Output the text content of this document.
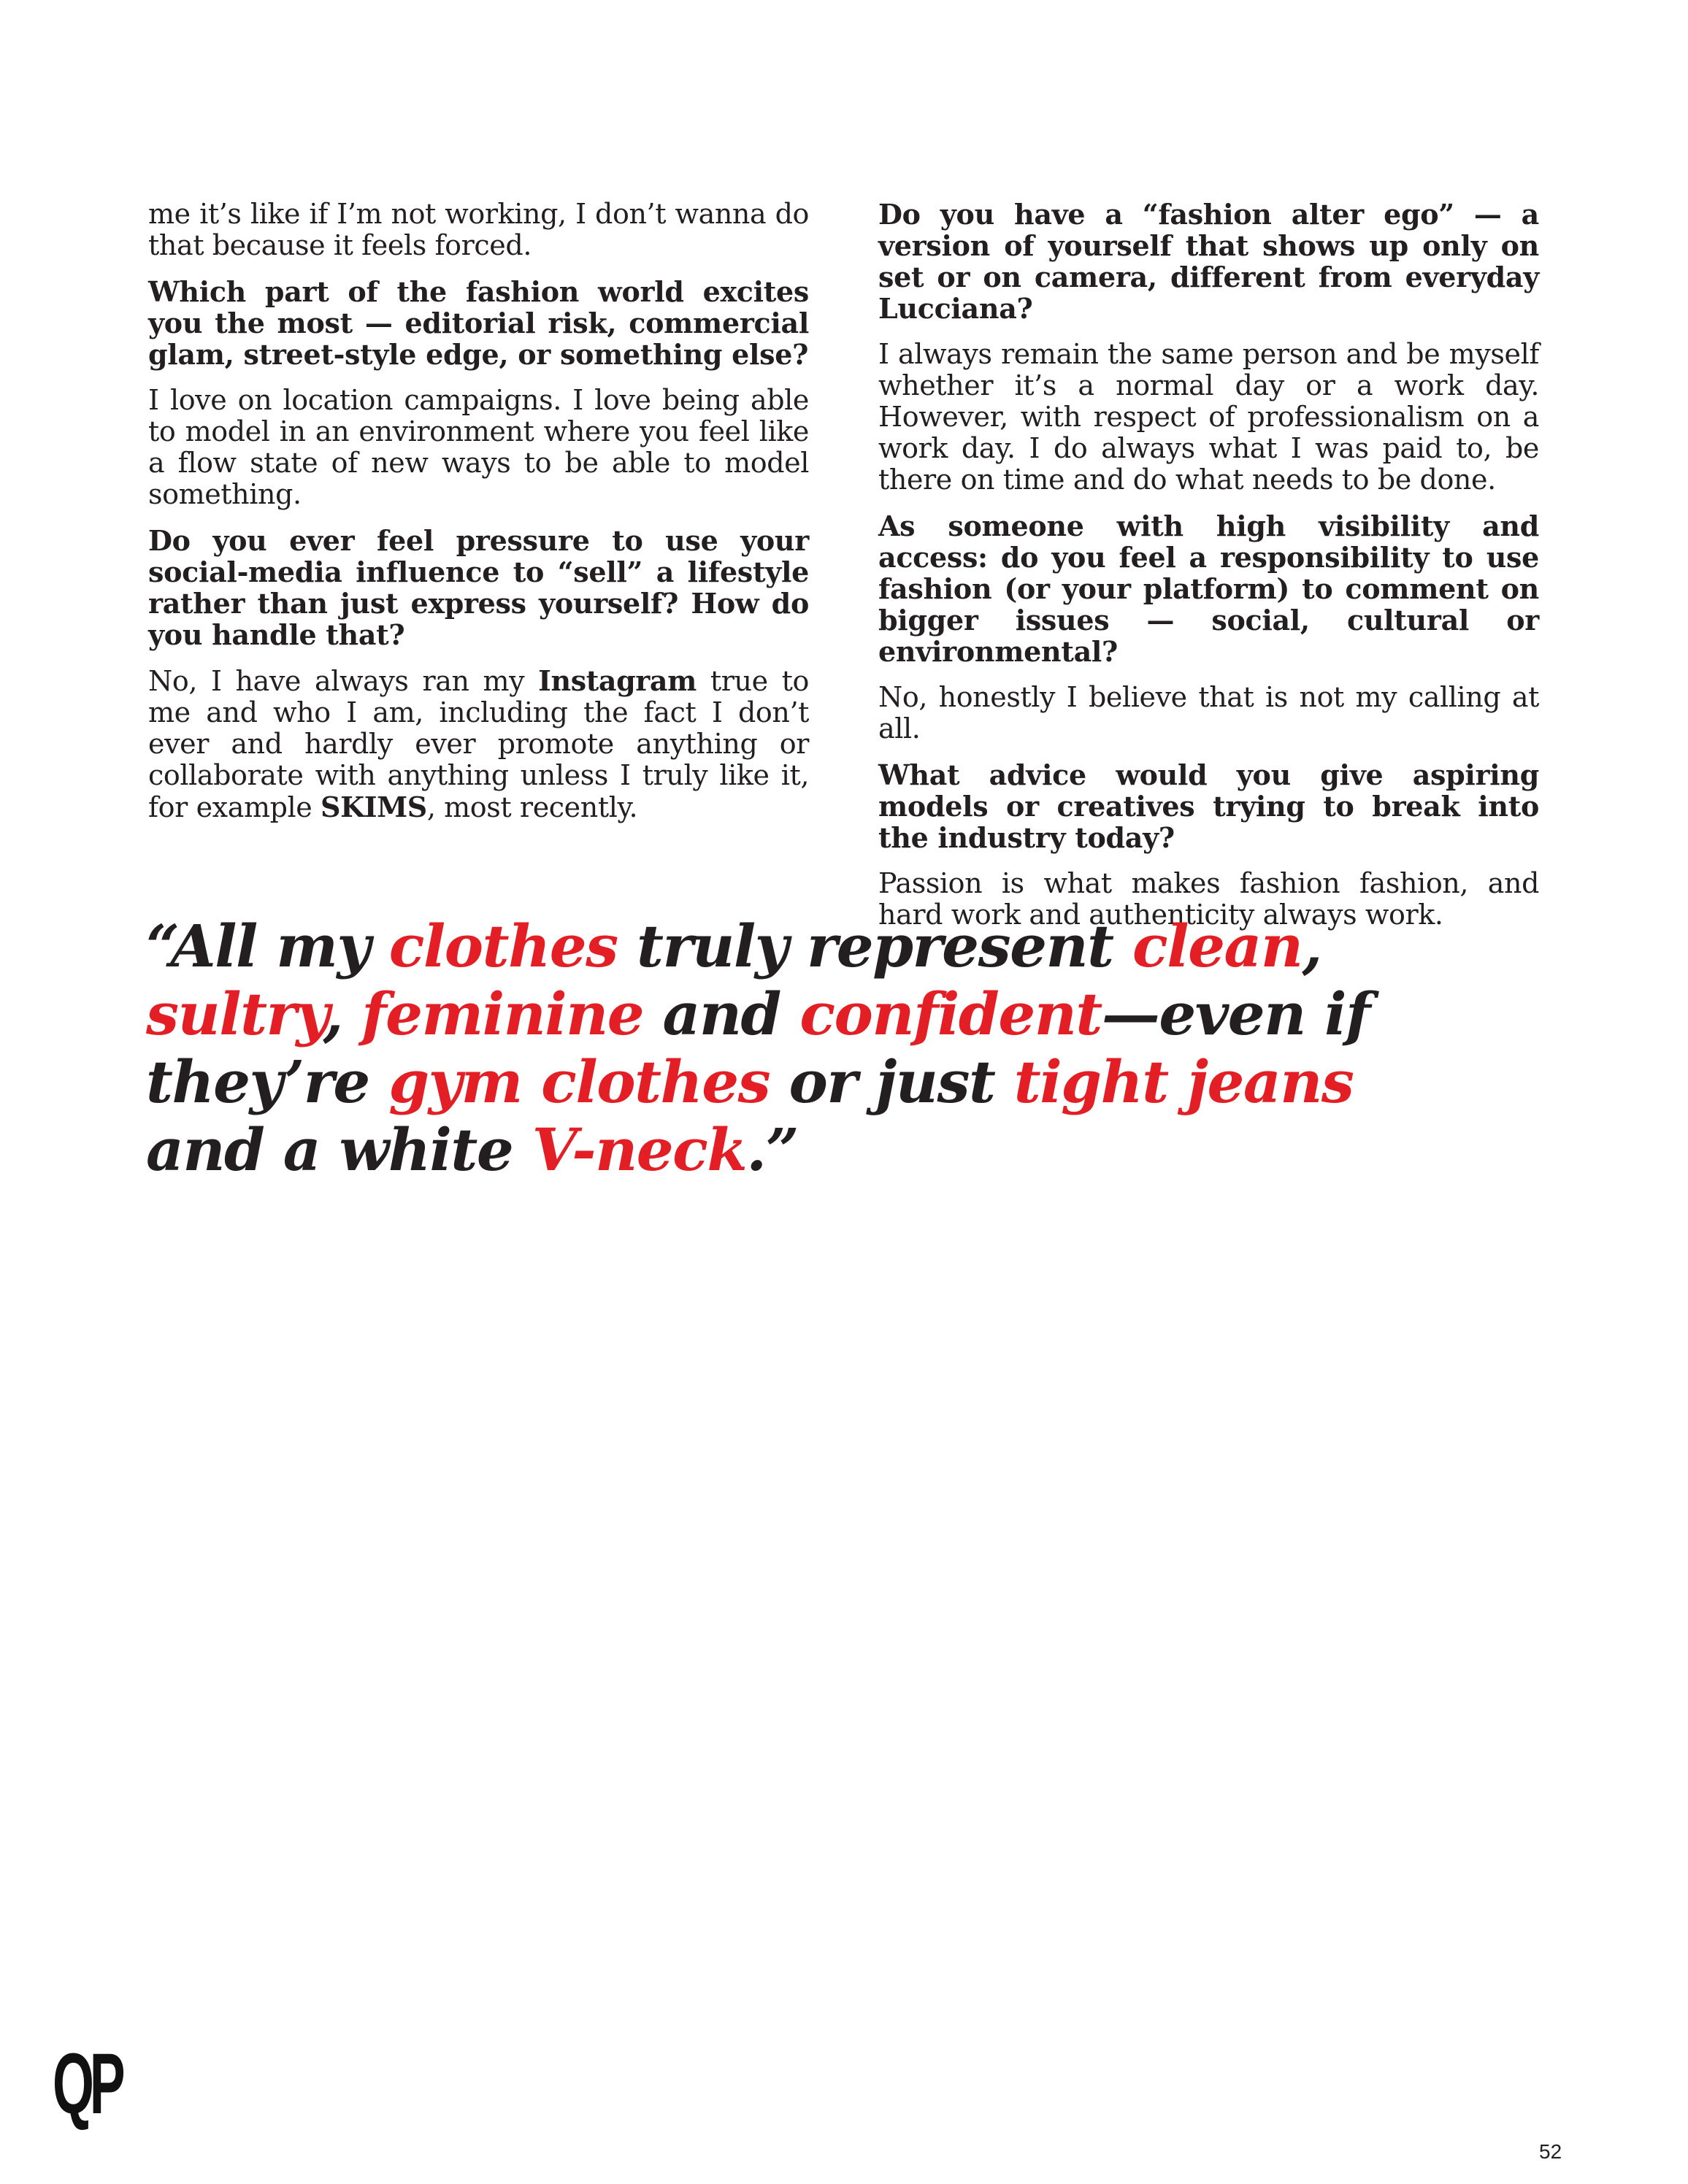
me it’s like if I’m not working, I don’t wanna do that because it feels forced.

Which part of the fashion world excites you the most — editorial risk, commercial glam, street-style edge, or something else?

I love on location campaigns. I love being able to model in an environment where you feel like a flow state of new ways to be able to model something.

Do you ever feel pressure to use your social-media influence to “sell” a lifestyle rather than just express yourself? How do you handle that?

No, I have always ran my Instagram true to me and who I am, including the fact I don’t ever and hardly ever promote anything or collaborate with anything unless I truly like it, for example SKIMS, most recently.

Do you have a “fashion alter ego” — a version of yourself that shows up only on set or on camera, different from everyday Lucciana?

I always remain the same person and be myself whether it’s a normal day or a work day. However, with respect of professionalism on a work day. I do always what I was paid to, be there on time and do what needs to be done.

As someone with high visibility and access: do you feel a responsibility to use fashion (or your platform) to comment on bigger issues — social, cultural or environmental?

No, honestly I believe that is not my calling at all.

What advice would you give aspiring models or creatives trying to break into the industry today?

Passion is what makes fashion fashion, and hard work and authenticity always work.

“All my clothes truly represent clean,
sultry, feminine and confident—even if they’re gym clothes or just tight jeans and a white V-neck.”

QP
52
